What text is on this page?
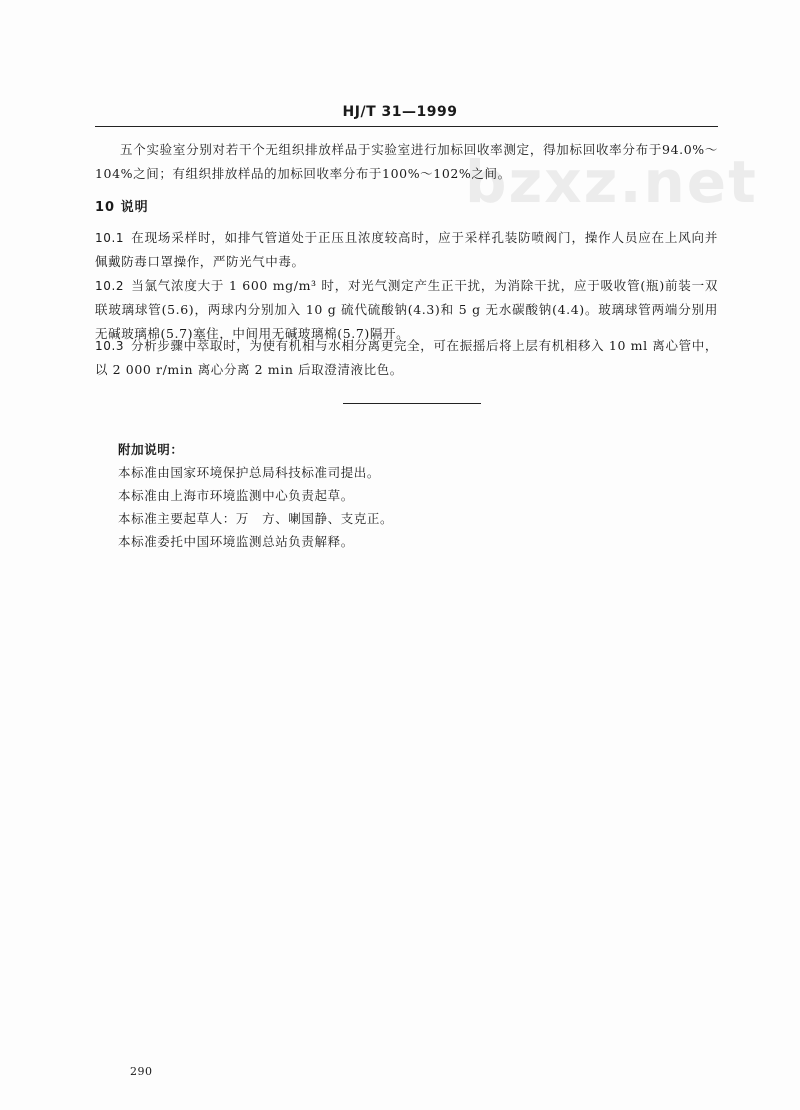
bzxz.net
HJ/T 31—1999

五个实验室分别对若干个无组织排放样品于实验室进行加标回收率测定，得加标回收率分布于94.0%～104%之间；有组织排放样品的加标回收率分布于100%～102%之间。

10 说明
10.1 在现场采样时，如排气管道处于正压且浓度较高时，应于采样孔装防喷阀门，操作人员应在上风向并佩戴防毒口罩操作，严防光气中毒。
10.2 当氯气浓度大于 1 600 mg/m³ 时，对光气测定产生正干扰，为消除干扰，应于吸收管(瓶)前装一双联玻璃球管(5.6)，两球内分别加入 10 g 硫代硫酸钠(4.3)和 5 g 无水碳酸钠(4.4)。玻璃球管两端分别用无碱玻璃棉(5.7)塞住，中间用无碱玻璃棉(5.7)隔开。
10.3 分析步骤中萃取时，为使有机相与水相分离更完全，可在振摇后将上层有机相移入 10 ml 离心管中，以 2 000 r/min 离心分离 2 min 后取澄清液比色。
附加说明：
本标准由国家环境保护总局科技标准司提出。
本标准由上海市环境监测中心负责起草。
本标准主要起草人：万　方、喇国静、支克正。
本标准委托中国环境监测总站负责解释。
290
